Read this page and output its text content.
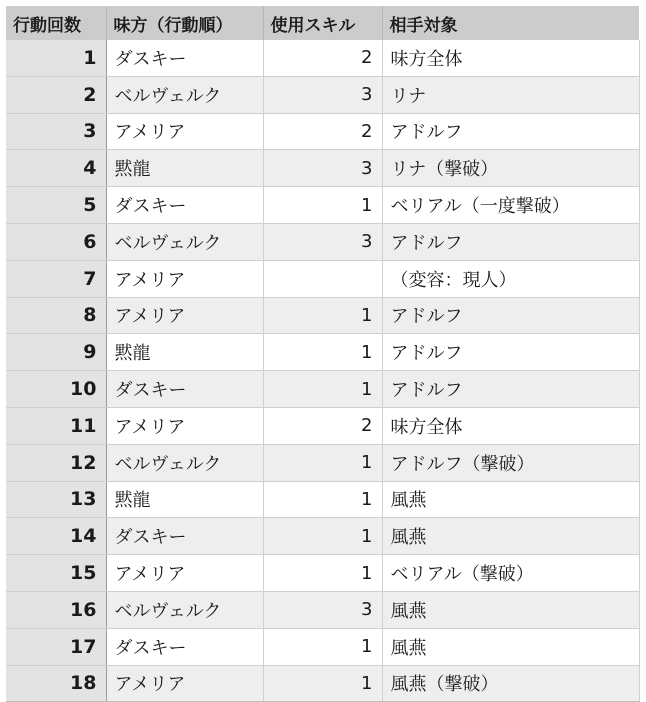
行動回数	味方（行動順）	使用スキル	相手対象
1	ダスキー	2	味方全体
2	ベルヴェルク	3	リナ
3	アメリア	2	アドルフ
4	黙龍	3	リナ（撃破）
5	ダスキー	1	ベリアル（一度撃破）
6	ベルヴェルク	3	アドルフ
7	アメリア		（変容：現人）
8	アメリア	1	アドルフ
9	黙龍	1	アドルフ
10	ダスキー	1	アドルフ
11	アメリア	2	味方全体
12	ベルヴェルク	1	アドルフ（撃破）
13	黙龍	1	風燕
14	ダスキー	1	風燕
15	アメリア	1	ベリアル（撃破）
16	ベルヴェルク	3	風燕
17	ダスキー	1	風燕
18	アメリア	1	風燕（撃破）
